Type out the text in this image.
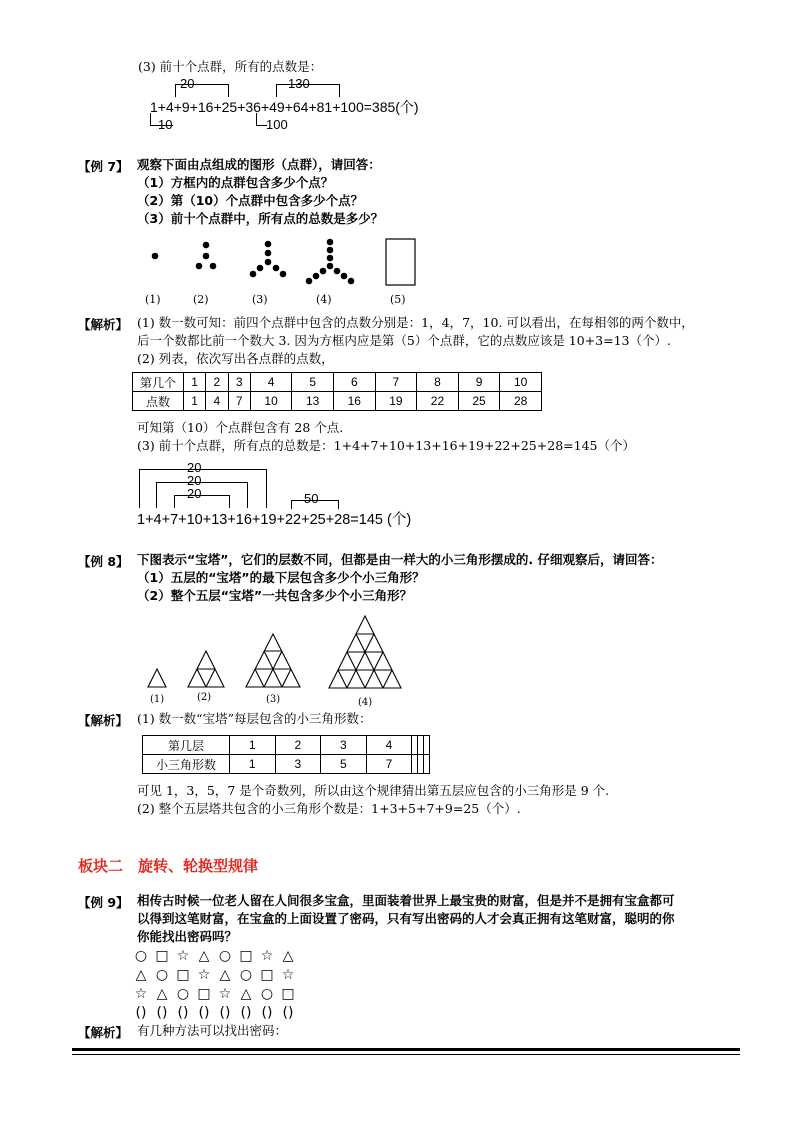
(3) 前十个点群，所有的点数是：
20	130
1+4+9+16+25+36+49+64+81+100=385(个)
10	100
【例 7】 观察下面由点组成的图形（点群），请回答：
（1）方框内的点群包含多少个点？
（2）第（10）个点群中包含多少个点？
（3）前十个点群中，所有点的总数是多少？
(1)	(2)	(3)	(4)	(5)
【解析】 (1) 数一数可知：前四个点群中包含的点数分别是：1，4，7，10. 可以看出，在每相邻的两个数中，
后一个数都比前一个数大 3. 因为方框内应是第（5）个点群，它的点数应该是 10+3=13（个）.
(2) 列表，依次写出各点群的点数，
第几个	1	2	3	4	5	6	7	8	9	10
点数	1	4	7	10	13	16	19	22	25	28
可知第（10）个点群包含有 28 个点.
(3) 前十个点群，所有点的总数是：1+4+7+10+13+16+19+22+25+28=145（个）
20
20
20	50
1+4+7+10+13+16+19+22+25+28=145 (个)
【例 8】 下图表示“宝塔”，它们的层数不同，但都是由一样大的小三角形摆成的. 仔细观察后，请回答：
（1）五层的“宝塔”的最下层包含多少个小三角形？
（2）整个五层“宝塔”一共包含多少个小三角形？
(1)	(2)	(3)	(4)
【解析】 (1) 数一数“宝塔”每层包含的小三角形数：
第几层	1	2	3	4			
小三角形数	1	3	5	7			
可见 1，3，5，7 是个奇数列，所以由这个规律猜出第五层应包含的小三角形是 9 个.
(2) 整个五层塔共包含的小三角形个数是：1+3+5+7+9=25（个）.
板块二　旋转、轮换型规律
【例 9】 相传古时候一位老人留在人间很多宝盒，里面装着世界上最宝贵的财富，但是并不是拥有宝盒都可
以得到这笔财富，在宝盒的上面设置了密码，只有写出密码的人才会真正拥有这笔财富，聪明的你
你能找出密码吗？
○ □ ☆ △ ○ □ ☆ △
△ ○ □ ☆ △ ○ □ ☆
☆ △ ○ □ ☆ △ ○ □
() () () () () () () ()
【解析】 有几种方法可以找出密码：
